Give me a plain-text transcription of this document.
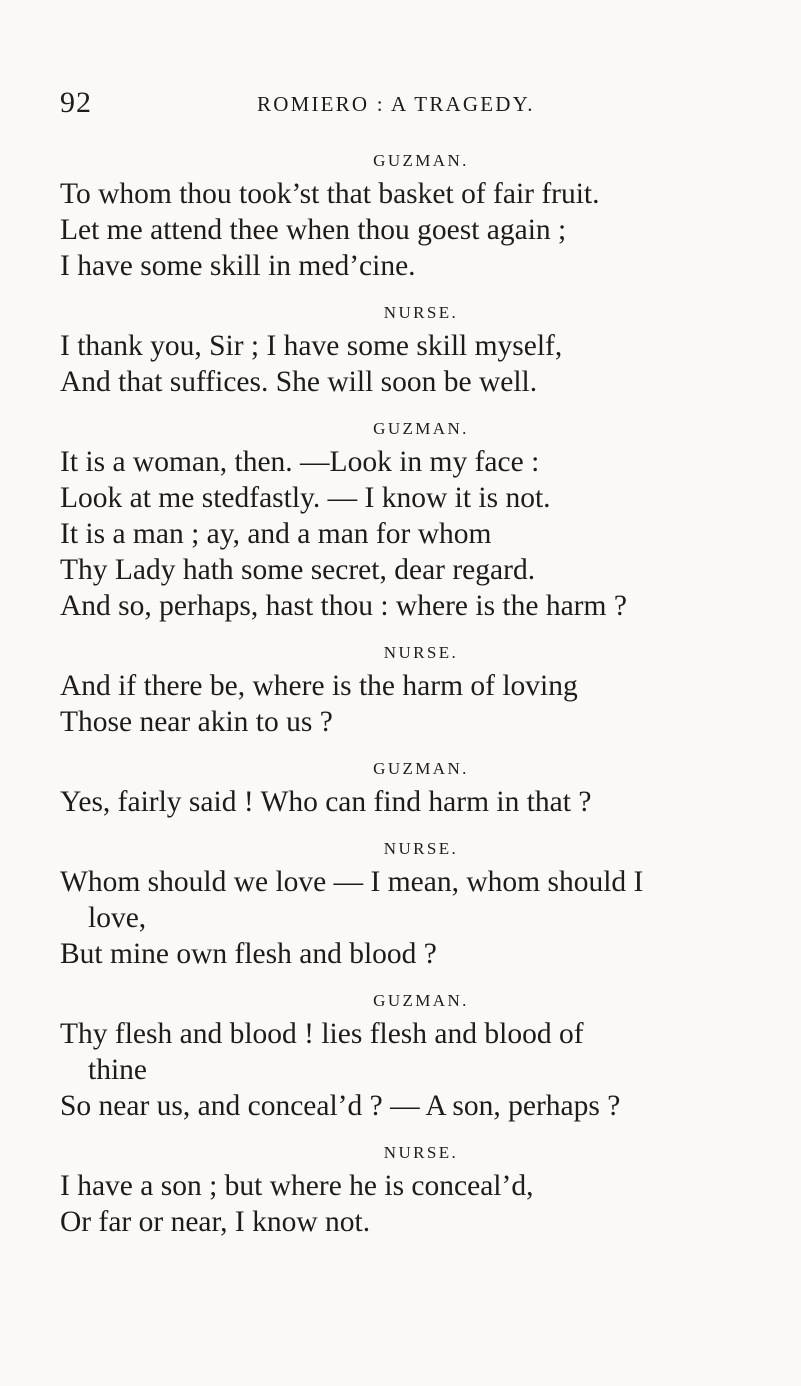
92	ROMIERO : A TRAGEDY.

GUZMAN.

To whom thou took’st that basket of fair fruit.

Let me attend thee when thou goest again ;

I have some skill in med’cine.

NURSE.

I thank you, Sir ; I have some skill myself,

And that suffices. She will soon be well.

GUZMAN.

It is a woman, then. —Look in my face :

Look at me stedfastly. — I know it is not.

It is a man ; ay, and a man for whom

Thy Lady hath some secret, dear regard.

And so, perhaps, hast thou : where is the harm ?

NURSE.

And if there be, where is the harm of loving

Those near akin to us ?

GUZMAN.

Yes, fairly said ! Who can find harm in that ?

NURSE.

Whom should we love — I mean, whom should I

love,

But mine own flesh and blood ?

GUZMAN.

Thy flesh and blood ! lies flesh and blood of

thine

So near us, and conceal’d ? — A son, perhaps ?

NURSE.

I have a son ; but where he is conceal’d,

Or far or near, I know not.
